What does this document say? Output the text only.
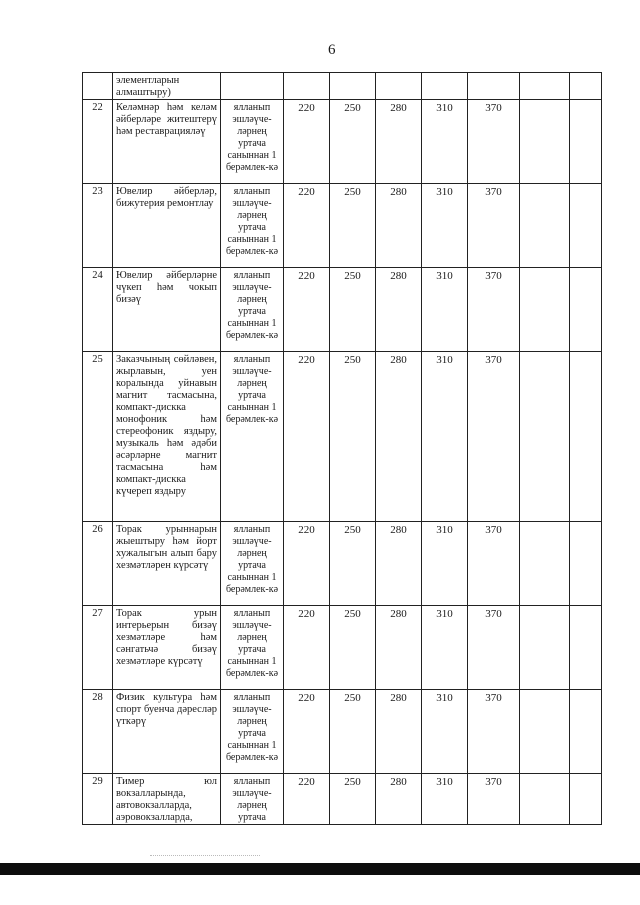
6
	элементларын алмаштыру)								
22	Келәмнәр һәм келәм әйберләре житештерү һәм реставрацияләү	ялланып эшләүче-ләрнең уртача саныннан 1 берәмлек-кә	220	250	280	310	370		
23	Ювелир әйберләр, бижутерия ремонтлау	ялланып эшләүче-ләрнең уртача саныннан 1 берәмлек-кә	220	250	280	310	370		
24	Ювелир әйберләрне чүкеп һәм чокып бизәү	ялланып эшләүче-ләрнең уртача саныннан 1 берәмлек-кә	220	250	280	310	370		
25	Заказчының сөйләвен, жырлавын, уен коралында уйнавын магнит тасмасына, компакт-дискка монофоник һәм стереофоник яздыру, музыкаль һәм әдәби әсәрләрне магнит тасмасына һәм компакт-дискка күчереп яздыру	ялланып эшләүче-ләрнең уртача саныннан 1 берәмлек-кә	220	250	280	310	370		
26	Торак урыннарын жыештыру һәм йорт хужалыгын алып бару хезмәтләрен күрсәтү	ялланып эшләүче-ләрнең уртача саныннан 1 берәмлек-кә	220	250	280	310	370		
27	Торак урын интерьерын бизәү хезмәтләре һәм сәнгатьчә бизәү хезмәтләре күрсәтү	ялланып эшләүче-ләрнең уртача саныннан 1 берәмлек-кә	220	250	280	310	370		
28	Физик культура һәм спорт буенча дәресләр үткәрү	ялланып эшләүче-ләрнең уртача саныннан 1 берәмлек-кә	220	250	280	310	370		
29	Тимер юл вокзалларында, автовокзалларда, аэровокзалларда,	ялланып эшләүче-ләрнең уртача	220	250	280	310	370		
